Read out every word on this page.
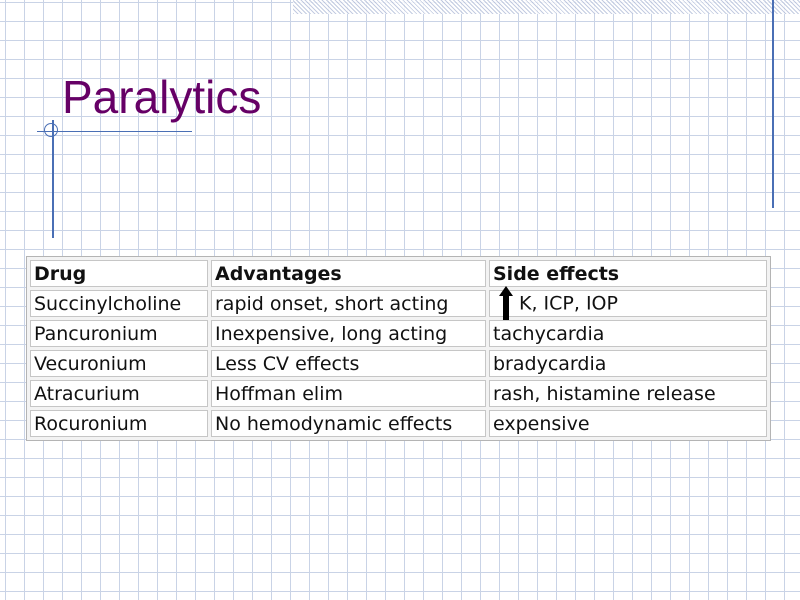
Paralytics
Drug	Advantages	Side effects
Succinylcholine	rapid onset, short acting	K, ICP, IOP
Pancuronium	Inexpensive, long acting	tachycardia
Vecuronium	Less CV effects	bradycardia
Atracurium	Hoffman elim	rash, histamine release
Rocuronium	No hemodynamic effects	expensive
